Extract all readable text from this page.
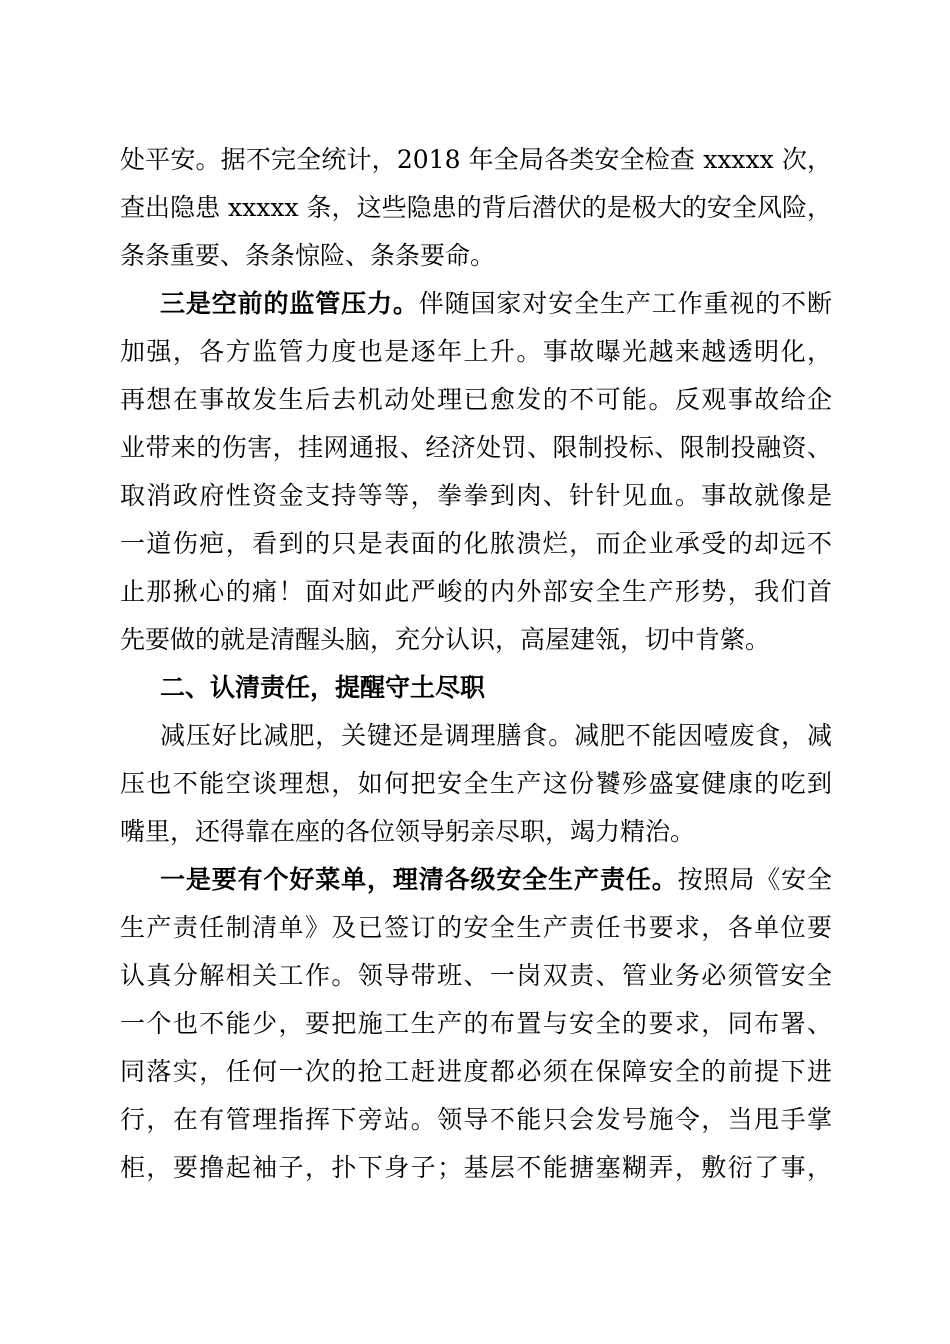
处平安。据不完全统计，2018 年全局各类安全检查 xxxxx 次，
查出隐患 xxxxx 条，这些隐患的背后潜伏的是极大的安全风险，
条条重要、条条惊险、条条要命。
三是空前的监管压力。伴随国家对安全生产工作重视的不断
加强，各方监管力度也是逐年上升。事故曝光越来越透明化，
再想在事故发生后去机动处理已愈发的不可能。反观事故给企
业带来的伤害，挂网通报、经济处罚、限制投标、限制投融资、
取消政府性资金支持等等，拳拳到肉、针针见血。事故就像是
一道伤疤，看到的只是表面的化脓溃烂，而企业承受的却远不
止那揪心的痛！面对如此严峻的内外部安全生产形势，我们首
先要做的就是清醒头脑，充分认识，高屋建瓴，切中肯綮。
二、认清责任，提醒守土尽职
减压好比减肥，关键还是调理膳食。减肥不能因噎废食，减
压也不能空谈理想，如何把安全生产这份饕殄盛宴健康的吃到
嘴里，还得靠在座的各位领导躬亲尽职，竭力精治。
一是要有个好菜单，理清各级安全生产责任。按照局《安全
生产责任制清单》及已签订的安全生产责任书要求，各单位要
认真分解相关工作。领导带班、一岗双责、管业务必须管安全
一个也不能少，要把施工生产的布置与安全的要求，同布署、
同落实，任何一次的抢工赶进度都必须在保障安全的前提下进
行，在有管理指挥下旁站。领导不能只会发号施令，当甩手掌
柜，要撸起袖子，扑下身子；基层不能搪塞糊弄，敷衍了事，
